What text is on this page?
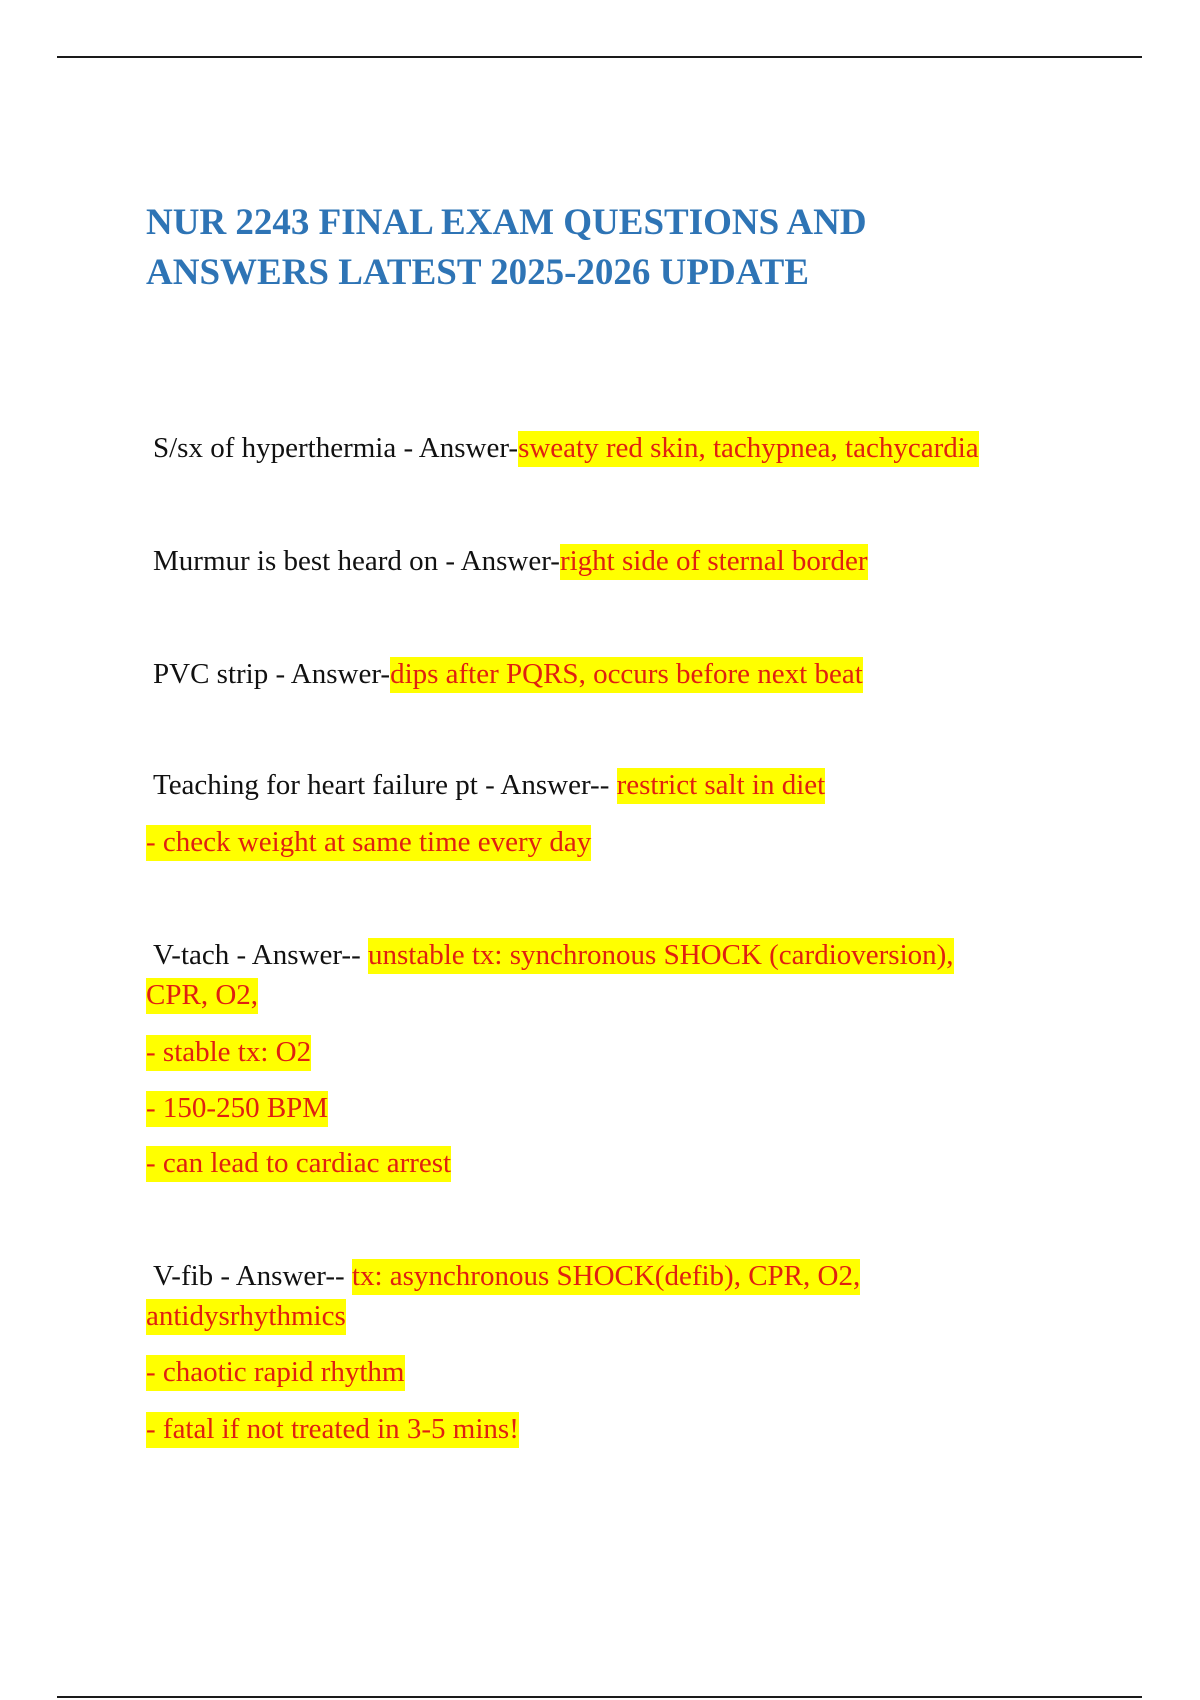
NUR 2243 FINAL EXAM QUESTIONS AND
ANSWERS LATEST 2025-2026 UPDATE
S/sx of hyperthermia - Answer-sweaty red skin, tachypnea, tachycardia
Murmur is best heard on - Answer-right side of sternal border
PVC strip - Answer-dips after PQRS, occurs before next beat
Teaching for heart failure pt - Answer-- restrict salt in diet
- check weight at same time every day
V-tach - Answer-- unstable tx: synchronous SHOCK (cardioversion),
CPR, O2,
- stable tx: O2
- 150-250 BPM
- can lead to cardiac arrest
V-fib - Answer-- tx: asynchronous SHOCK(defib), CPR, O2,
antidysrhythmics
- chaotic rapid rhythm
- fatal if not treated in 3-5 mins!
